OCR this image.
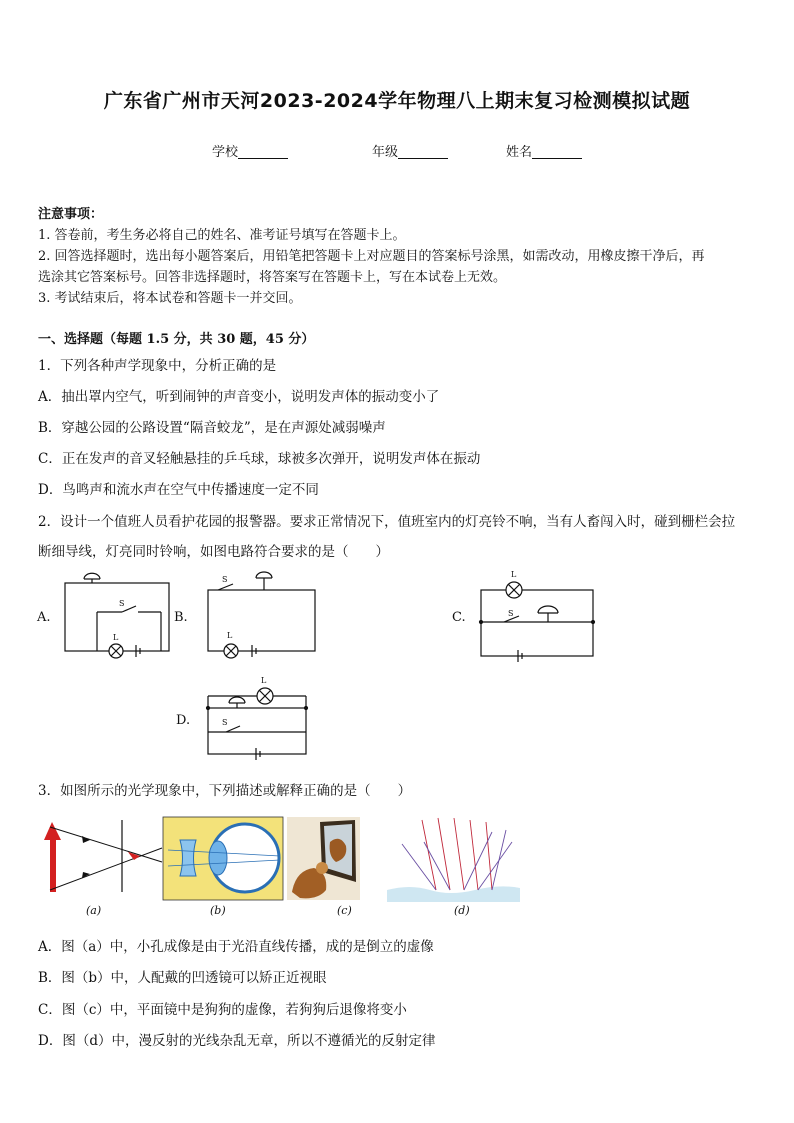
广东省广州市天河2023-2024学年物理八上期末复习检测模拟试题
学校	年级	姓名
注意事项：
1. 答卷前，考生务必将自己的姓名、准考证号填写在答题卡上。
2. 回答选择题时，选出每小题答案后，用铅笔把答题卡上对应题目的答案标号涂黑，如需改动，用橡皮擦干净后，再
选涂其它答案标号。回答非选择题时，将答案写在答题卡上，写在本试卷上无效。
3. 考试结束后，将本试卷和答题卡一并交回。
一、选择题（每题 1.5 分，共 30 题，45 分）
1．下列各种声学现象中，分析正确的是
A．抽出罩内空气，听到闹钟的声音变小，说明发声体的振动变小了
B．穿越公园的公路设置“隔音蛟龙”，是在声源处减弱噪声
C．正在发声的音叉轻触悬挂的乒乓球，球被多次弹开，说明发声体在振动
D．鸟鸣声和流水声在空气中传播速度一定不同
2．设计一个值班人员看护花园的报警器。要求正常情况下，值班室内的灯亮铃不响，当有人畜闯入时，碰到栅栏会拉
断细导线，灯亮同时铃响，如图电路符合要求的是（　　）
S
L
S
L
L
S
L
S
A.	B.	C.
D.
3．如图所示的光学现象中，下列描述或解释正确的是（　　）
(a)	(b)	(c)	(d)
A．图（a）中，小孔成像是由于光沿直线传播，成的是倒立的虚像
B．图（b）中，人配戴的凹透镜可以矫正近视眼
C．图（c）中，平面镜中是狗狗的虚像，若狗狗后退像将变小
D．图（d）中，漫反射的光线杂乱无章，所以不遵循光的反射定律
